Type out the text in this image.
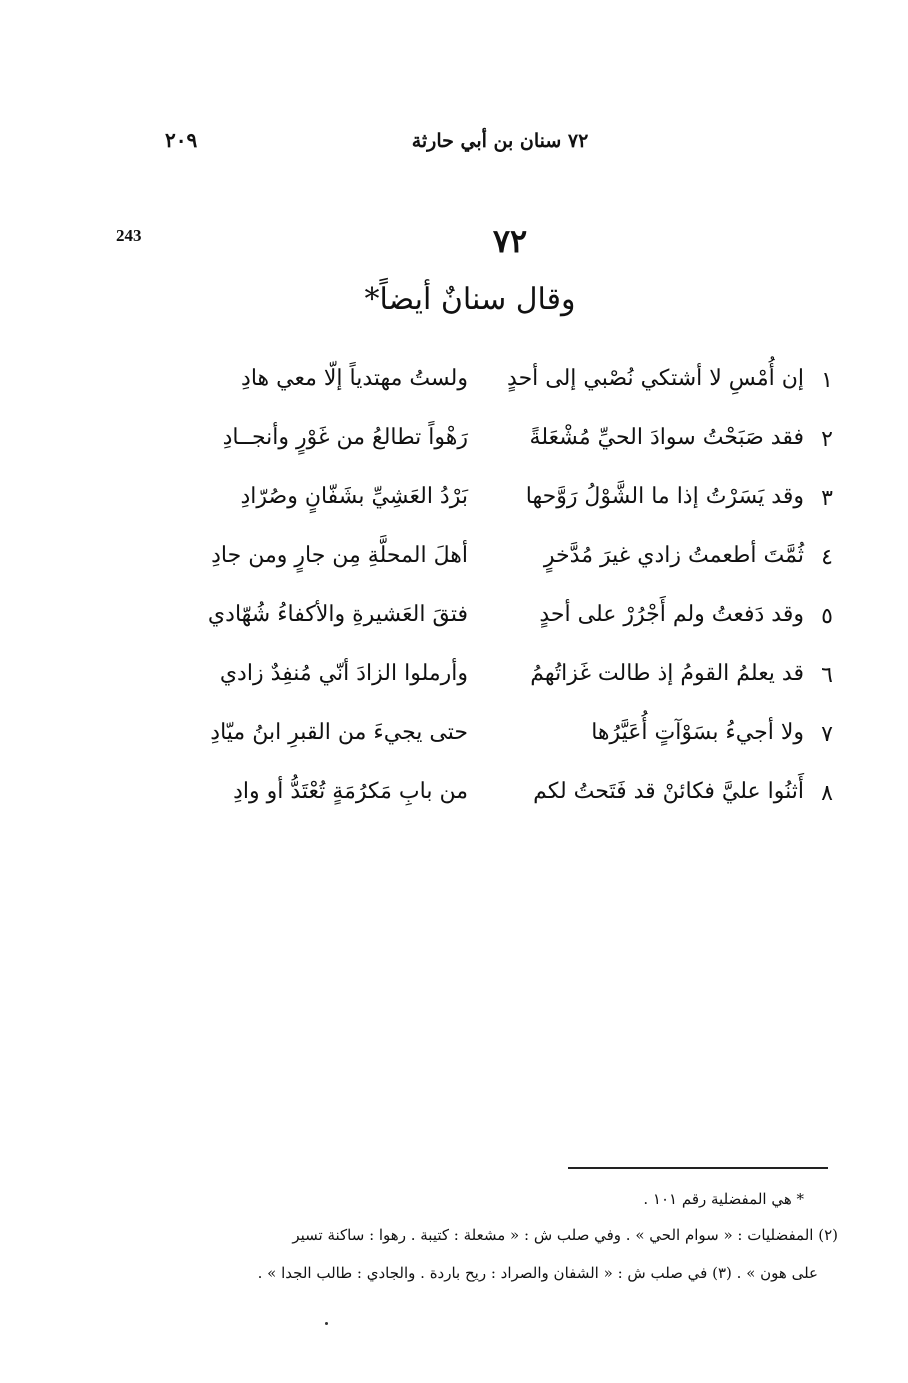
٧٢ سنان بن أبي حارثة
٢٠٩
243	٧٢
وقال سنانٌ أيضاً*
١
إن أُمْسِ لا أشتكي نُصْبي إلى أحدٍ
ولستُ مهتدياً إلّا معي هادِ
٢
فقد صَبَحْتُ سوادَ الحيِّ مُشْعَلةً
رَهْواً تطالعُ من غَوْرٍ وأنجــادِ
٣
وقد يَسَرْتُ إذا ما الشَّوْلُ رَوَّحها
بَرْدُ العَشِيِّ بشَفّانٍ وصُرّادِ
٤
ثُمَّتَ أطعمتُ زادي غيرَ مُدَّخرٍ
أهلَ المحلَّةِ مِن جارٍ ومن جادِ
٥
وقد دَفعتُ ولم أَجْرُرْ على أحدٍ
فتقَ العَشيرةِ والأكفاءُ شُهّادي
٦
قد يعلمُ القومُ إذ طالت غَزاتُهمُ
وأرملوا الزادَ أنّي مُنفِدٌ زادي
٧
ولا أجيءُ بسَوْآتٍ أُعَيَّرُها
حتى يجيءَ من القبرِ ابنُ ميّادِ
٨
أَثنُوا عليَّ فكائنْ قد فَتَحتُ لكم
من بابِ مَكرُمَةٍ تُعْتَدُّ أو وادِ
* هي المفضلية رقم ١٠١ .
(٢) المفضليات : « سوام الحي » . وفي صلب ش : « مشعلة : كتيبة . رهوا : ساكنة تسير
على هون » . (٣) في صلب ش : « الشفان والصراد : ريح باردة . والجادي : طالب الجدا » .
